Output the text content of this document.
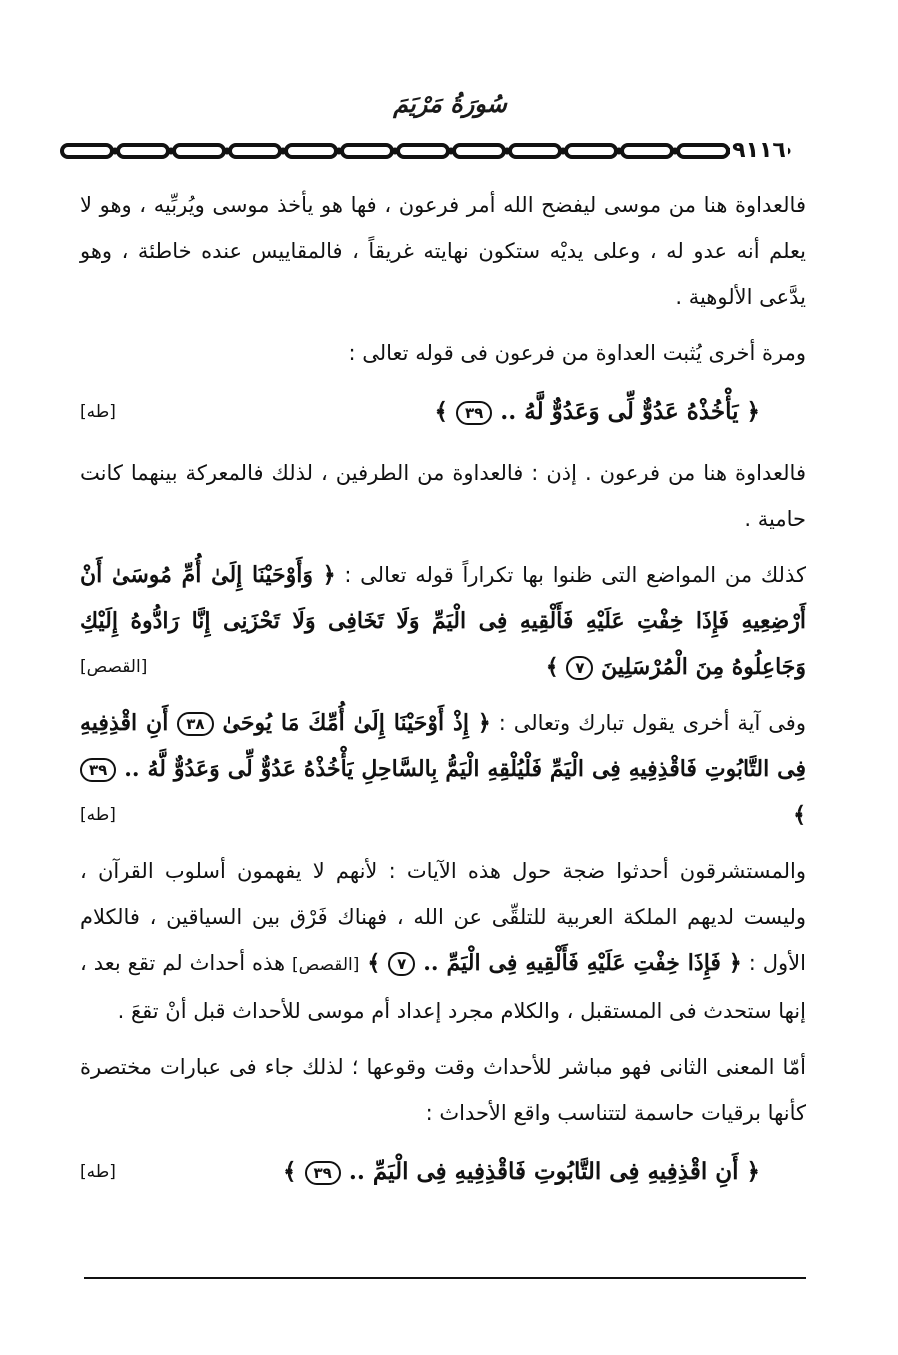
سُورَةُ مَرْيَمَ
٩١١٦

فالعداوة هنا من موسى ليفضح الله أمر فرعون ، فها هو يأخذ موسى ويُربِّيه ، وهو لا يعلم أنه عدو له ، وعلى يديْه ستكون نهايته غريقاً ، فالمقاييس عنده خاطئة ، وهو يدَّعى الألوهية .

ومرة أخرى يُثبت العداوة من فرعون فى قوله تعالى :

﴿ يَأْخُذْهُ عَدُوٌّ لِّى وَعَدُوٌّ لَّهُ .. ٣٩ ﴾
[طه]

فالعداوة هنا من فرعون . إذن : فالعداوة من الطرفين ، لذلك فالمعركة بينهما كانت حامية .

كذلك من المواضع التى ظنوا بها تكراراً قوله تعالى : ﴿ وَأَوْحَيْنَا إِلَىٰ أُمِّ مُوسَىٰ أَنْ أَرْضِعِيهِ فَإِذَا خِفْتِ عَلَيْهِ فَأَلْقِيهِ فِى الْيَمِّ وَلَا تَخَافِى وَلَا تَحْزَنِى إِنَّا رَادُّوهُ إِلَيْكِ وَجَاعِلُوهُ مِنَ الْمُرْسَلِينَ ٧ ﴾
[القصص]

وفى آية أخرى يقول تبارك وتعالى : ﴿ إِذْ أَوْحَيْنَا إِلَىٰ أُمِّكَ مَا يُوحَىٰ ٣٨ أَنِ اقْذِفِيهِ فِى التَّابُوتِ فَاقْذِفِيهِ فِى الْيَمِّ فَلْيُلْقِهِ الْيَمُّ بِالسَّاحِلِ يَأْخُذْهُ عَدُوٌّ لِّى وَعَدُوٌّ لَّهُ .. ٣٩ ﴾
[طه]

والمستشرقون أحدثوا ضجة حول هذه الآيات : لأنهم لا يفهمون أسلوب القرآن ، وليست لديهم الملكة العربية للتلقِّى عن الله ، فهناك فَرْق بين السياقين ، فالكلام الأول : ﴿ فَإِذَا خِفْتِ عَلَيْهِ فَأَلْقِيهِ فِى الْيَمِّ .. ٧ ﴾ [القصص] هذه أحداث لم تقع بعد ، إنها ستحدث فى المستقبل ، والكلام مجرد إعداد أم موسى للأحداث قبل أنْ تقعَ .

أمّا المعنى الثانى فهو مباشر للأحداث وقت وقوعها ؛ لذلك جاء فى عبارات مختصرة كأنها برقيات حاسمة لتتناسب واقع الأحداث :

﴿ أَنِ اقْذِفِيهِ فِى التَّابُوتِ فَاقْذِفِيهِ فِى الْيَمِّ .. ٣٩ ﴾
[طه]
